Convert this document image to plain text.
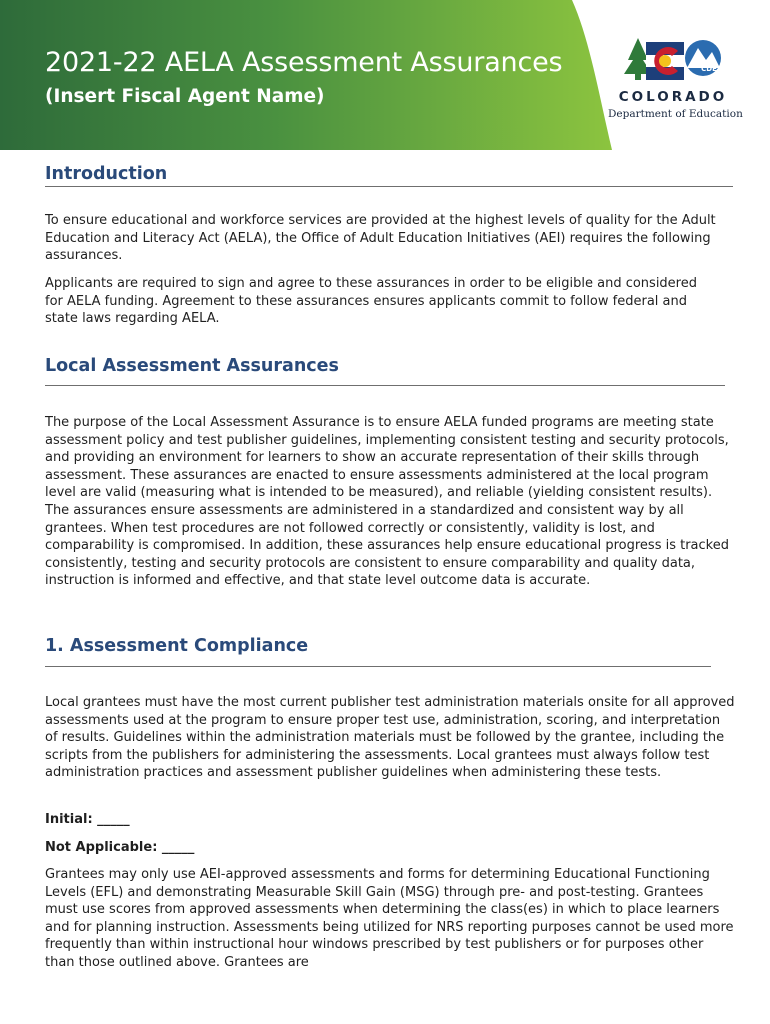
2021-22 AELA Assessment Assurances
(Insert Fiscal Agent Name)
CDE
COLORADO
Department of Education
Introduction

To ensure educational and workforce services are provided at the highest levels of quality for the Adult Education and Literacy Act (AELA), the Office of Adult Education Initiatives (AEI) requires the following assurances.

Applicants are required to sign and agree to these assurances in order to be eligible and considered for AELA funding. Agreement to these assurances ensures applicants commit to follow federal and state laws regarding AELA.

Local Assessment Assurances

The purpose of the Local Assessment Assurance is to ensure AELA funded programs are meeting state assessment policy and test publisher guidelines, implementing consistent testing and security protocols, and providing an environment for learners to show an accurate representation of their skills through assessment. These assurances are enacted to ensure assessments administered at the local program level are valid (measuring what is intended to be measured), and reliable (yielding consistent results). The assurances ensure assessments are administered in a standardized and consistent way by all grantees. When test procedures are not followed correctly or consistently, validity is lost, and comparability is compromised. In addition, these assurances help ensure educational progress is tracked consistently, testing and security protocols are consistent to ensure comparability and quality data, instruction is informed and effective, and that state level outcome data is accurate.

1. Assessment Compliance

Local grantees must have the most current publisher test administration materials onsite for all approved assessments used at the program to ensure proper test use, administration, scoring, and interpretation of results. Guidelines within the administration materials must be followed by the grantee, including the scripts from the publishers for administering the assessments. Local grantees must always follow test administration practices and assessment publisher guidelines when administering these tests.

Initial: _____

Not Applicable: _____

Grantees may only use AEI-approved assessments and forms for determining Educational Functioning Levels (EFL) and demonstrating Measurable Skill Gain (MSG) through pre- and post-testing. Grantees must use scores from approved assessments when determining the class(es) in which to place learners and for planning instruction. Assessments being utilized for NRS reporting purposes cannot be used more frequently than within instructional hour windows prescribed by test publishers or for purposes other than those outlined above. Grantees are
